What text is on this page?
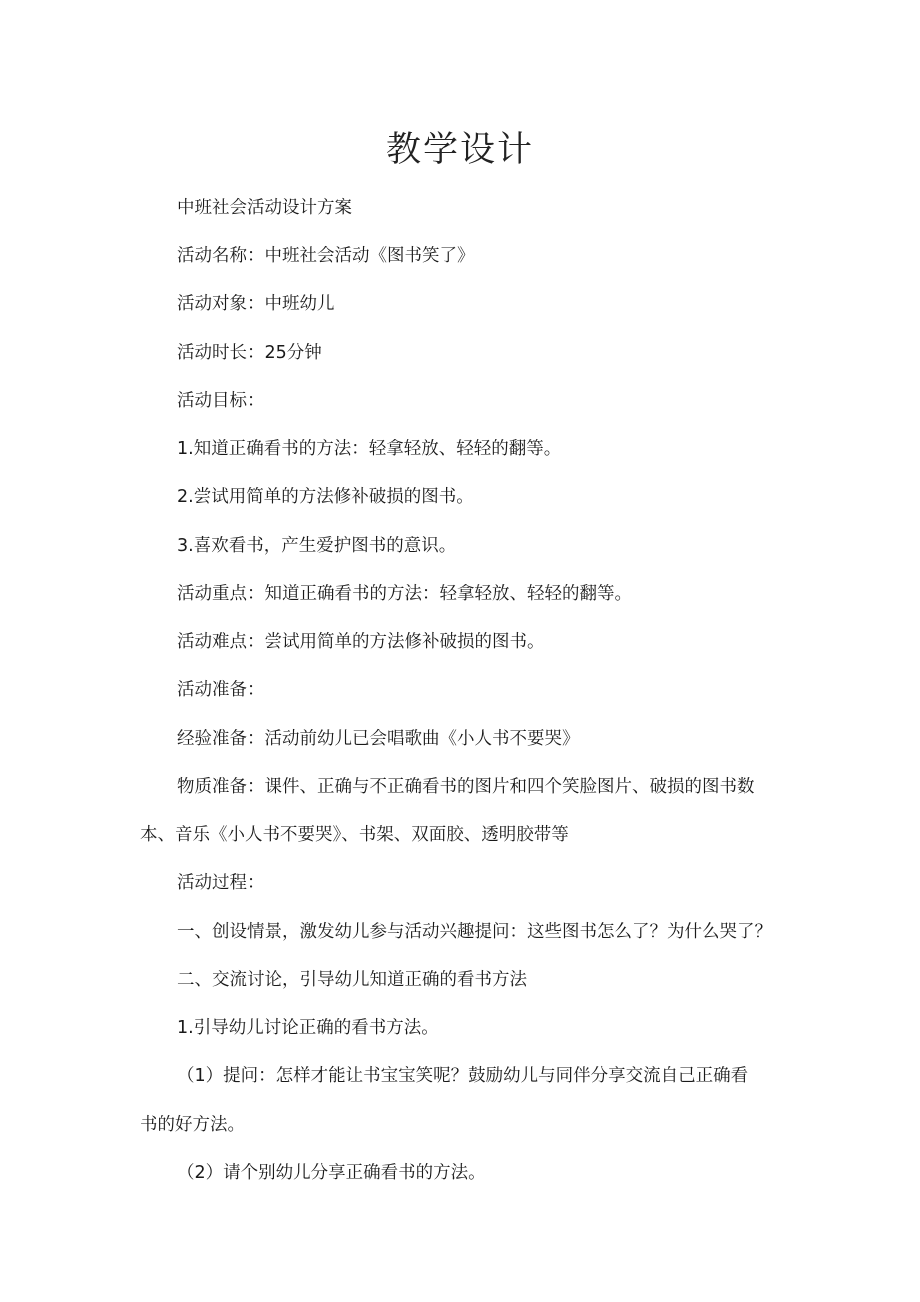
教学设计
中班社会活动设计方案
活动名称：中班社会活动《图书笑了》
活动对象：中班幼儿
活动时长：25分钟
活动目标：
1.知道正确看书的方法：轻拿轻放、轻轻的翻等。
2.尝试用简单的方法修补破损的图书。
3.喜欢看书，产生爱护图书的意识。
活动重点：知道正确看书的方法：轻拿轻放、轻轻的翻等。
活动难点：尝试用简单的方法修补破损的图书。
活动准备：
经验准备：活动前幼儿已会唱歌曲《小人书不要哭》
物质准备：课件、正确与不正确看书的图片和四个笑脸图片、破损的图书数
本、音乐《小人书不要哭》、书架、双面胶、透明胶带等
活动过程：
一、创设情景，激发幼儿参与活动兴趣提问：这些图书怎么了？为什么哭了？
二、交流讨论，引导幼儿知道正确的看书方法
1.引导幼儿讨论正确的看书方法。
（1）提问：怎样才能让书宝宝笑呢？鼓励幼儿与同伴分享交流自己正确看
书的好方法。
（2）请个别幼儿分享正确看书的方法。
